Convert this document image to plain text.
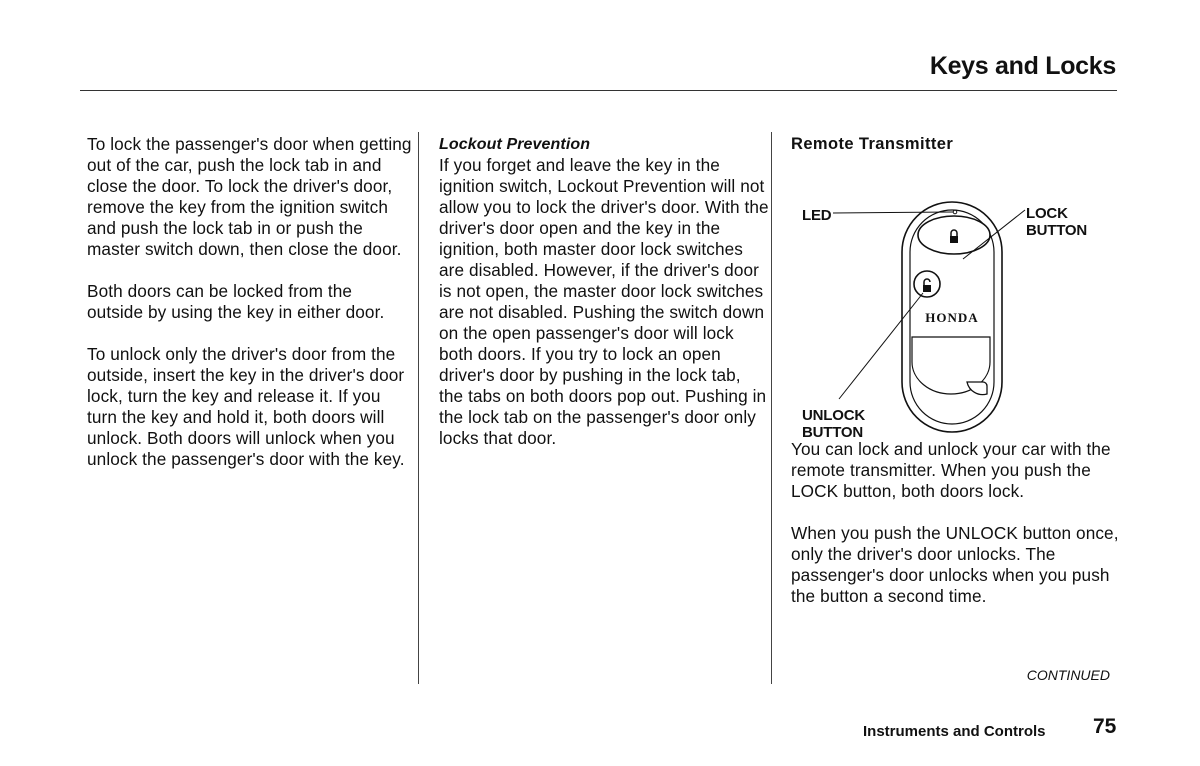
Keys and Locks

To lock the passenger's door when getting out of the car, push the lock tab in and close the door. To lock the driver's door, remove the key from the ignition switch and push the lock tab in or push the master switch down, then close the door.

Both doors can be locked from the outside by using the key in either door.

To unlock only the driver's door from the outside, insert the key in the driver's door lock, turn the key and release it. If you turn the key and hold it, both doors will unlock. Both doors will unlock when you unlock the passenger's door with the key.

Lockout Prevention

If you forget and leave the key in the ignition switch, Lockout Prevention will not allow you to lock the driver's door. With the driver's door open and the key in the ignition, both master door lock switches are disabled. However, if the driver's door is not open, the master door lock switches are not disabled. Pushing the switch down on the open passenger's door will lock both doors. If you try to lock an open driver's door by pushing in the lock tab, the tabs on both doors pop out. Pushing in the lock tab on the passenger's door only locks that door.

Remote Transmitter
HONDA
LED	LOCK
BUTTON
UNLOCK
BUTTON

You can lock and unlock your car with the remote transmitter. When you push the LOCK button, both doors lock.

When you push the UNLOCK button once, only the driver's door unlocks. The passenger's door unlocks when you push the button a second time.

CONTINUED
Instruments and Controls 75
